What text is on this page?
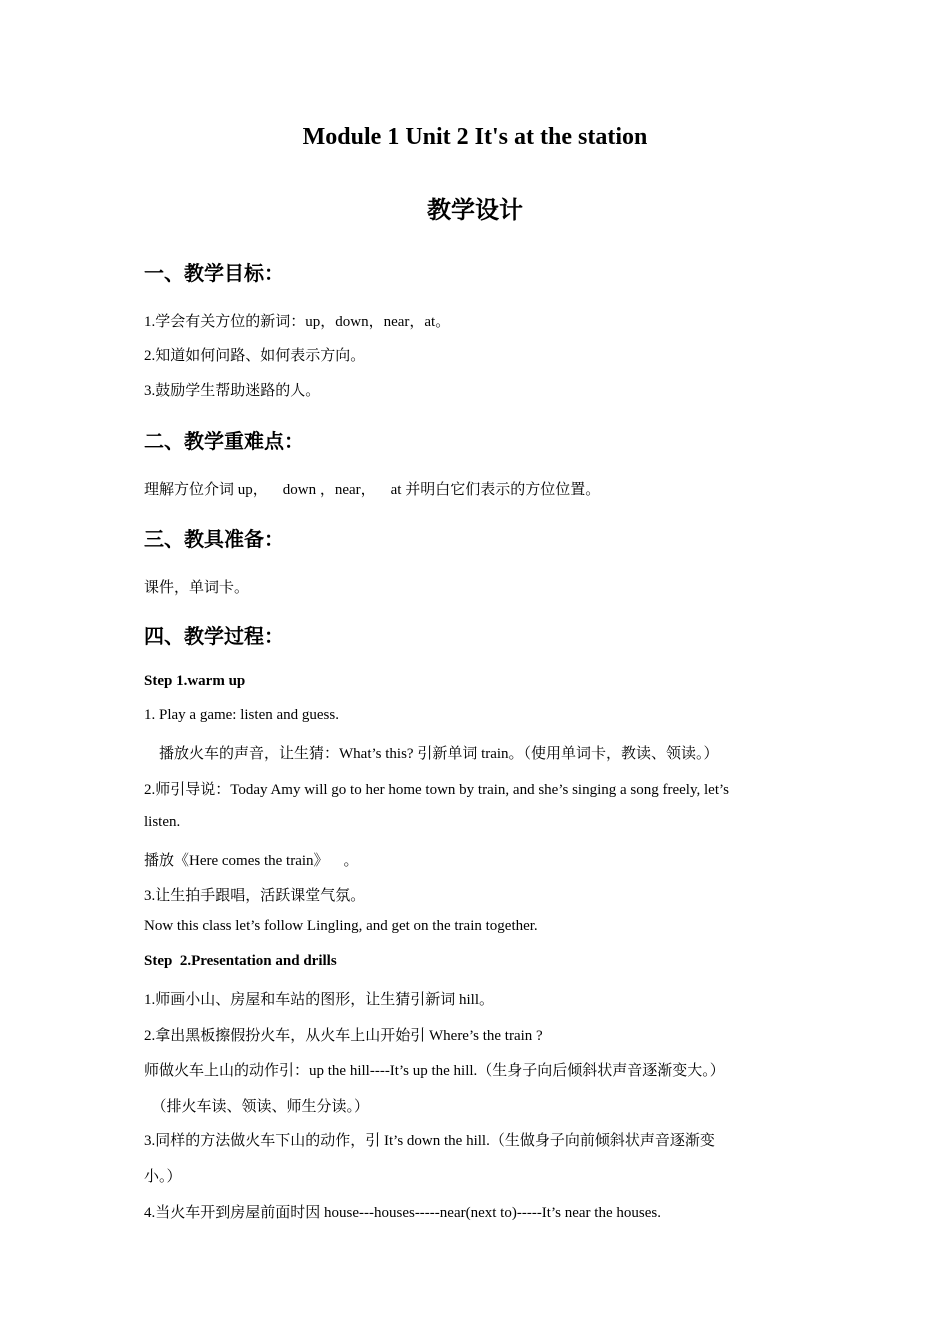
Module 1 Unit 2 It's at the station
教学设计
一、教学目标：
1.学会有关方位的新词：up，down，near，at。
2.知道如何问路、如何表示方向。
3.鼓励学生帮助迷路的人。
二、教学重难点：
理解方位介词 up，    down ，near，    at 并明白它们表示的方位位置。
三、教具准备：
课件，单词卡。
四、教学过程：
Step 1.warm up
1. Play a game: listen and guess.
　播放火车的声音，让生猜：What’s this? 引新单词 train。（使用单词卡，教读、领读。）
2.师引导说：Today Amy will go to her home town by train, and she’s singing a song freely, let’s
listen.
播放《Here comes the train》    。
3.让生拍手跟唱，活跃课堂气氛。
Now this class let’s follow Lingling, and get on the train together.
Step  2.Presentation and drills
1.师画小山、房屋和车站的图形，让生猜引新词 hill。
2.拿出黑板擦假扮火车，从火车上山开始引 Where’s the train ?
师做火车上山的动作引：up the hill----It’s up the hill.（生身子向后倾斜状声音逐渐变大。）
　（排火车读、领读、师生分读。）
3.同样的方法做火车下山的动作，引 It’s down the hill.（生做身子向前倾斜状声音逐渐变
小。）
4.当火车开到房屋前面时因 house---houses-----near(next to)-----It’s near the houses.
